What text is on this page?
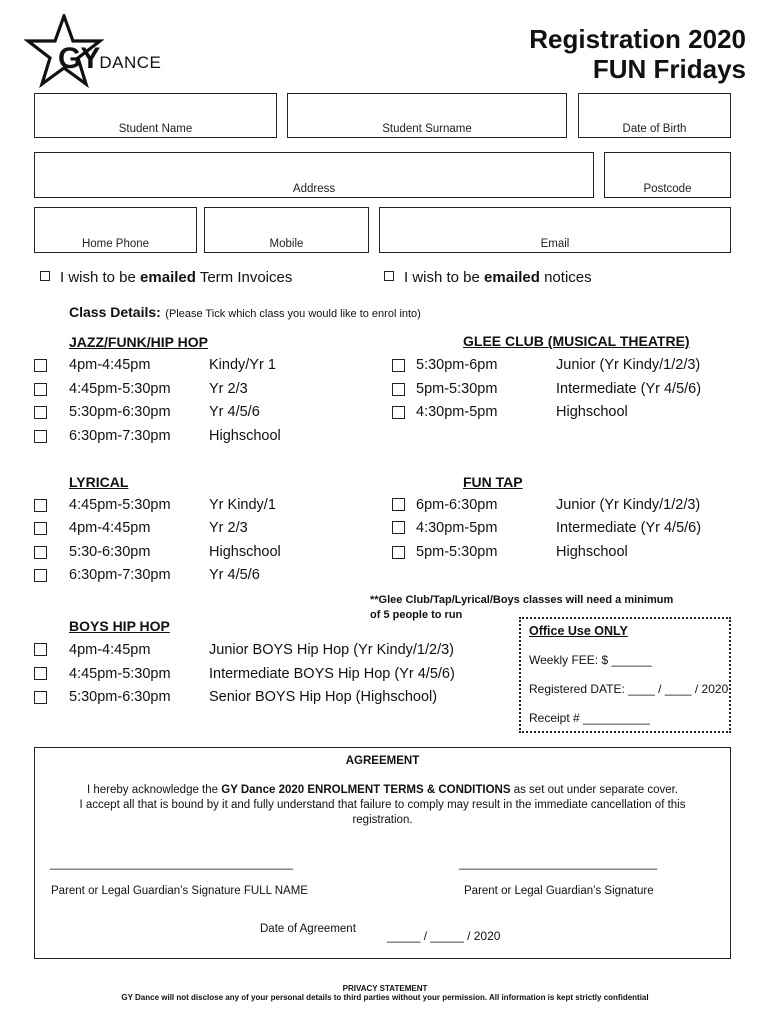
GYDANCE
Registration 2020
FUN Fridays
Student Name	Student Surname	Date of Birth
Address	Postcode
Home Phone	Mobile	Email
I wish to be emailed Term Invoices	I wish to be emailed notices
Class Details: (Please Tick which class you would like to enrol into)
JAZZ/FUNK/HIP HOP
4pm-4:45pm	Kindy/Yr 1
4:45pm-5:30pm	Yr 2/3
5:30pm-6:30pm	Yr 4/5/6
6:30pm-7:30pm	Highschool
GLEE CLUB (MUSICAL THEATRE)
5:30pm-6pm	Junior (Yr Kindy/1/2/3)
5pm-5:30pm	Intermediate (Yr 4/5/6)
4:30pm-5pm	Highschool
LYRICAL
4:45pm-5:30pm	Yr Kindy/1
4pm-4:45pm	Yr 2/3
5:30-6:30pm	Highschool
6:30pm-7:30pm	Yr 4/5/6
FUN TAP
6pm-6:30pm	Junior (Yr Kindy/1/2/3)
4:30pm-5pm	Intermediate (Yr 4/5/6)
5pm-5:30pm	Highschool
**Glee Club/Tap/Lyrical/Boys classes will need a minimum
of 5 people to run
BOYS HIP HOP
4pm-4:45pm	Junior BOYS Hip Hop (Yr Kindy/1/2/3)
4:45pm-5:30pm	Intermediate BOYS Hip Hop (Yr 4/5/6)
5:30pm-6:30pm	Senior BOYS Hip Hop (Highschool)
Office Use ONLY
Weekly FEE: $ ______
Registered DATE: ____ / ____ / 2020
Receipt # __________
AGREEMENT
I hereby acknowledge the GY Dance 2020 ENROLMENT TERMS & CONDITIONS as set out under separate cover.
I accept all that is bound by it and fully understand that failure to comply may result in the immediate cancellation of this
registration.
______________________________________	_______________________________
Parent or Legal Guardian’s Signature FULL NAME	Parent or Legal Guardian’s Signature
Date of Agreement	_____ / _____ / 2020
PRIVACY STATEMENT
GY Dance will not disclose any of your personal details to third parties without your permission. All information is kept strictly confidential
